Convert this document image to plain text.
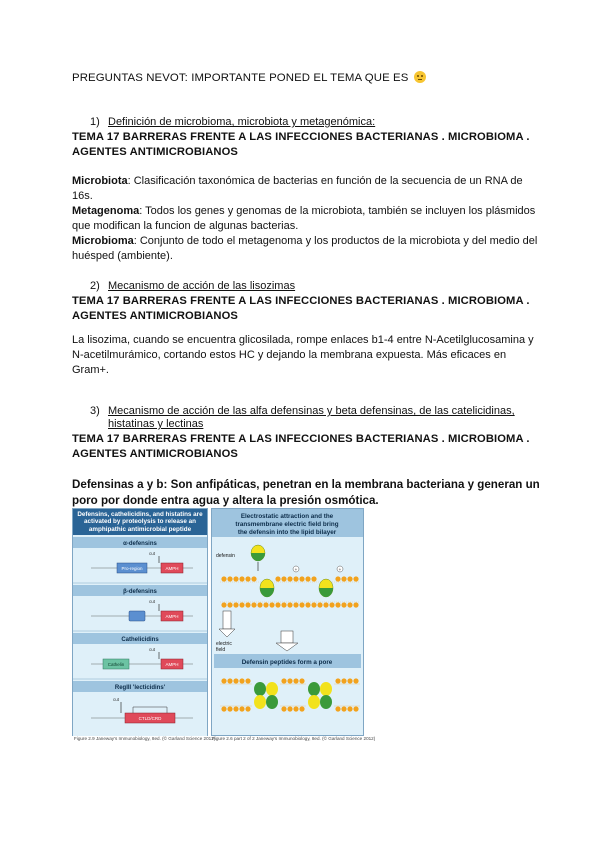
PREGUNTAS NEVOT: IMPORTANTE PONED EL TEMA QUE ES
1) Definición de microbioma, microbiota y metagenómica:
TEMA 17 BARRERAS FRENTE A LAS INFECCIONES BACTERIANAS . MICROBIOMA . AGENTES ANTIMICROBIANOS
Microbiota: Clasificación taxonómica de bacterias en función de la secuencia de un RNA de 16s.
Metagenoma: Todos los genes y genomas de la microbiota, también se incluyen los plásmidos que modifican la funcion de algunas bacterias.
Microbioma: Conjunto de todo el metagenoma y los productos de la microbiota y del medio del huésped (ambiente).
2) Mecanismo de acción de las lisozimas
TEMA 17 BARRERAS FRENTE A LAS INFECCIONES BACTERIANAS . MICROBIOMA . AGENTES ANTIMICROBIANOS
La lisozima, cuando se encuentra glicosilada, rompe enlaces b1-4 entre N-Acetilglucosamina y N-acetilmurámico, cortando estos HC y dejando la membrana expuesta. Más eficaces en Gram+.
3) Mecanismo de acción de las alfa defensinas y beta defensinas, de las catelicidinas, histatinas y lectinas
TEMA 17 BARRERAS FRENTE A LAS INFECCIONES BACTERIANAS . MICROBIOMA . AGENTES ANTIMICROBIANOS
Defensinas a y b: Son anfipáticas, penetran en la membrana bacteriana y generan un poro por donde entra agua y altera la presión osmótica.
Defensins, cathelicidins, and histatins are activated by proteolysis to release an amphipathic antimicrobial peptide
α-defensins
cut
Pro-region	AMPH
β-defensins
cut
AMPH
Cathelicidins
cut
Cathelin	AMPH
RegIII 'lecticidins'
cut
CTLD/CRD
Figure 2.9 Janeway's Immunobiology, 8ed. (© Garland Science 2012)
Electrostatic attraction and the
transmembrane electric field bring
the defensin into the lipid bilayer
defensin
+	+
electric
field
Defensin peptides form a pore
Figure 2.6 part 2 of 2 Janeway's Immunobiology, 8ed. (© Garland Science 2012)
